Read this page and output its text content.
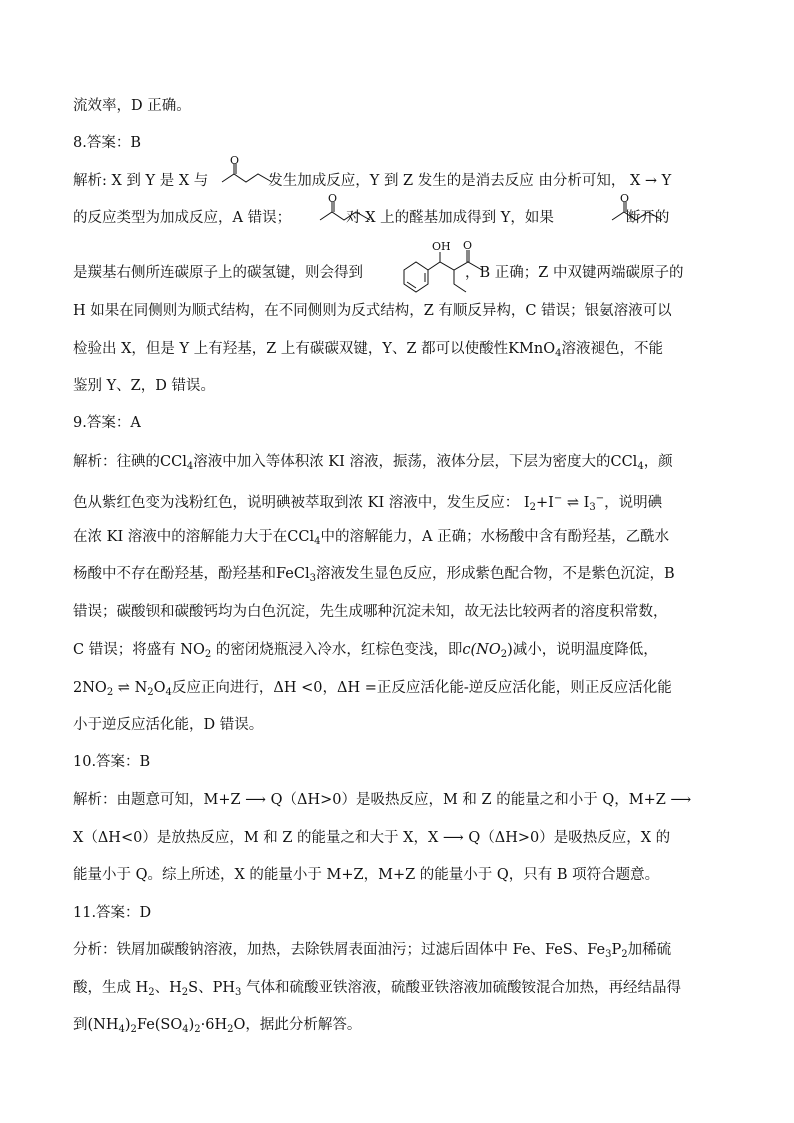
流效率，D 正确。
8.答案：B
解析: X 到 Y 是 X 与	发生加成反应，Y 到 Z 发生的是消去反应 由分析可知， X → Y
O
的反应类型为加成反应，A 错误；	对 X 上的醛基加成得到 Y，如果	断开的
O	O
是羰基右侧所连碳原子上的碳氢键，则会得到	，B 正确；Z 中双键两端碳原子的
OH O
H 如果在同侧则为顺式结构，在不同侧则为反式结构，Z 有顺反异构，C 错误；银氨溶液可以
检验出 X，但是 Y 上有羟基，Z 上有碳碳双键，Y、Z 都可以使酸性KMnO$_4$溶液褪色，不能
鉴别 Y、Z，D 错误。
9.答案：A
解析：往碘的CCl$_4$溶液中加入等体积浓 KI 溶液，振荡，液体分层，下层为密度大的CCl$_4$，颜
色从紫红色变为浅粉红色，说明碘被萃取到浓 KI 溶液中，发生反应： $I_2+I^-$ ⇌ $I_3^-$，说明碘
在浓 KI 溶液中的溶解能力大于在CCl$_4$中的溶解能力，A 正确；水杨酸中含有酚羟基，乙酰水
杨酸中不存在酚羟基，酚羟基和FeCl$_3$溶液发生显色反应，形成紫色配合物，不是紫色沉淀，B
错误；碳酸钡和碳酸钙均为白色沉淀，先生成哪种沉淀未知，故无法比较两者的溶度积常数，
C 错误；将盛有 $NO_2$ 的密闭烧瓶浸入冷水，红棕色变浅，即$c(NO_2)$减小，说明温度降低，
$2NO_2$ ⇌ $N_2O_4$反应正向进行，ΔH <0，ΔH =正反应活化能-逆反应活化能，则正反应活化能
小于逆反应活化能，D 错误。
10.答案：B
解析：由题意可知，M+Z ⟶ Q（ΔH>0）是吸热反应，M 和 Z 的能量之和小于 Q，M+Z ⟶
X（ΔH<0）是放热反应，M 和 Z 的能量之和大于 X，X ⟶ Q（ΔH>0）是吸热反应，X 的
能量小于 Q。综上所述，X 的能量小于 M+Z，M+Z 的能量小于 Q，只有 B 项符合题意。
11.答案：D
分析：铁屑加碳酸钠溶液，加热，去除铁屑表面油污；过滤后固体中 Fe、FeS、$Fe_3P_2$加稀硫
酸，生成 $H_2$、$H_2S$、$PH_3$ 气体和硫酸亚铁溶液，硫酸亚铁溶液加硫酸铵混合加热，再经结晶得
到$(NH_4)_2Fe(SO_4)_2\cdot 6H_2O$，据此分析解答。
